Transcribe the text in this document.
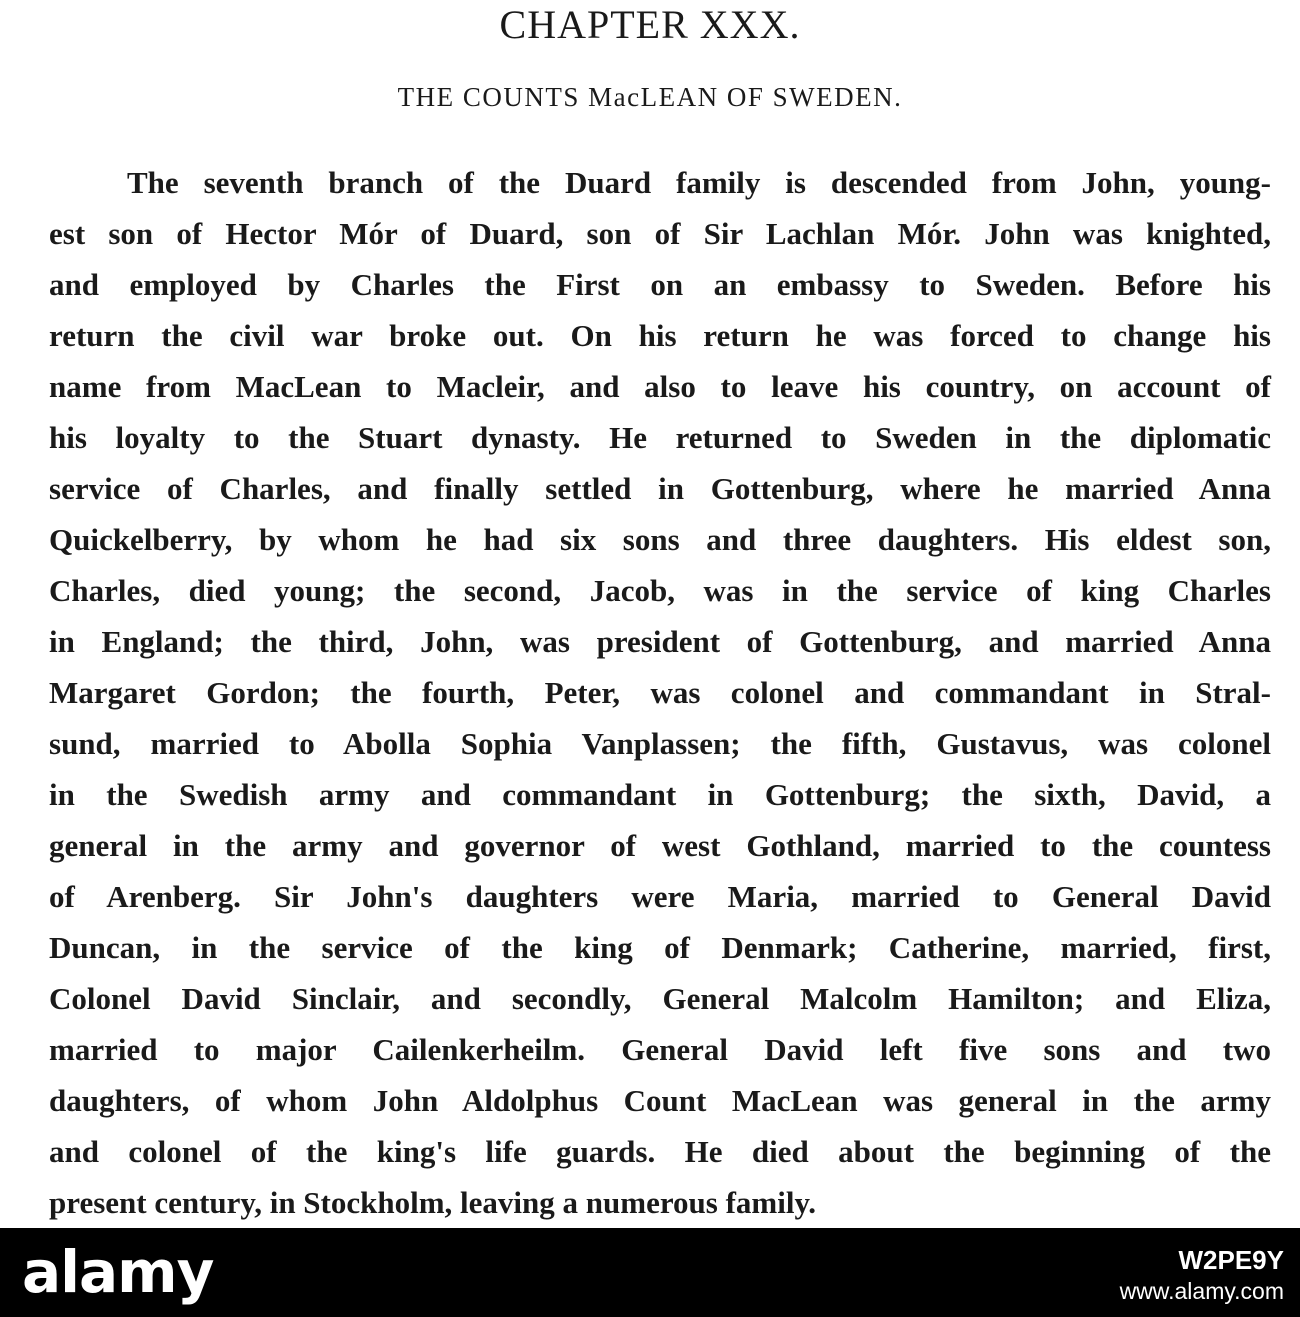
CHAPTER XXX.
THE COUNTS MacLEAN OF SWEDEN.

The seventh branch of the Duard family is descended from John, young-
est son of Hector Mór of Duard, son of Sir Lachlan Mór. John was knighted,
and employed by Charles the First on an embassy to Sweden. Before his
return the civil war broke out. On his return he was forced to change his
name from MacLean to Macleir, and also to leave his country, on account of
his loyalty to the Stuart dynasty. He returned to Sweden in the diplomatic
service of Charles, and finally settled in Gottenburg, where he married Anna
Quickelberry, by whom he had six sons and three daughters. His eldest son,
Charles, died young; the second, Jacob, was in the service of king Charles
in England; the third, John, was president of Gottenburg, and married Anna
Margaret Gordon; the fourth, Peter, was colonel and commandant in Stral-
sund, married to Abolla Sophia Vanplassen; the fifth, Gustavus, was colonel
in the Swedish army and commandant in Gottenburg; the sixth, David, a
general in the army and governor of west Gothland, married to the countess
of Arenberg. Sir John's daughters were Maria, married to General David
Duncan, in the service of the king of Denmark; Catherine, married, first,
Colonel David Sinclair, and secondly, General Malcolm Hamilton; and Eliza,
married to major Cailenkerheilm. General David left five sons and two
daughters, of whom John Aldolphus Count MacLean was general in the army
and colonel of the king's life guards. He died about the beginning of the
present century, in Stockholm, leaving a numerous family.

alamy	W2PE9Y
www.alamy.com
